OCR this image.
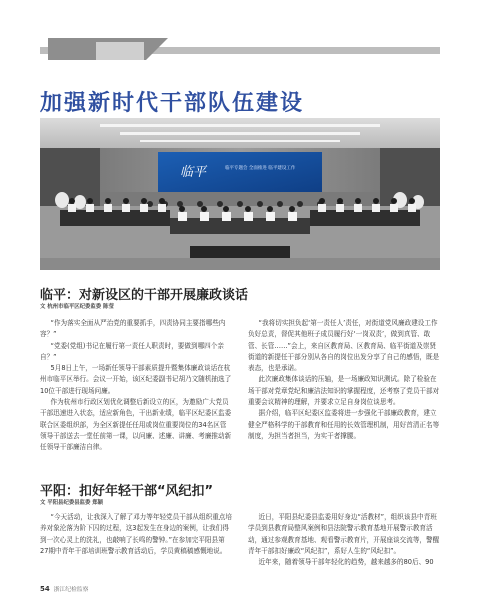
加强新时代干部队伍建设
临平	临平专题会 全面推进 临平建设工作
临平：对新设区的干部开展廉政谈话
文 杭州市临平区纪委监委 陈莹

“作为落实全面从严治党的重要抓手，四责协同主要指哪些内容？”

“党委(党组)书记在履行第一责任人职责时，要做到哪四个亲自？”

5月8日上午，一场新任领导干部素质提升暨集体廉政谈话在杭州市临平区举行。会议一开始，该区纪委副书记胡乃文随机抽选了10位干部进行现场问廉。

作为杭州市行政区划优化调整后新设立的区，为邀励广大党员干部迅速进入状态，适应新角色，干出新业绩，临平区纪委区监委联合区委组织部，为全区新提任任用或岗位重要岗位的34名区管领导干部送去一堂任前第一课，以问廉、述廉、讲廉、考廉推动新任领导干部廉洁自律。

“我将切实担负起‘第一责任人’责任，对街道党风廉政建设工作负好总责，督促其他班子成员履行好‘一岗双责’，做到真管、敢管、长管……”会上，来自区教育局、区教育局、临平街道及崇贤街道的新提任干部分别从各自的岗位出发分享了自己的感悟，既是表态，也是承诺。

此次廉政集体谈话的压轴，是一场廉政知识测试。除了检验在场干部对党章党纪和廉洁法知识的掌握程度，还考察了党员干部对重要会议精神的理解，并要求立足自身岗位谈思考。

据介绍，临平区纪委区监委将进一步强化干部廉政教育，建立健全严格科学的干部教育和任用的长效管理机制，用好首清正名等制度，为担当者担当，为实干者撑腰。

平阳：扣好年轻干部“风纪扣”
文 平阳县纪委县监委 郑颖

“今天活动，让我深入了解了邓力等年轻党员干部从组织重点培养对象沦落为阶下囚的过程，这3起发生在身边的案例，让我们得到一次心灵上的洗礼，也敲响了长鸣的警钟。”在参加完平阳县第27期中青年干部培训班警示教育活动后，学员黄稿稿感慨地说。

近日，平阳县纪委县监委用好身边“活教材”，组织该县中青班学员到县教育局整风案例和县法院警示教育基地开展警示教育活动，通过参观教育基地、观看警示教育片，开展座谈交流等，警醒青年干部扣好廉政“风纪扣”，系好人生的“风纪扣”。

近年来，随着领导干部年轻化的趋势，越来越多的80后、90

54 浙江纪检监察
